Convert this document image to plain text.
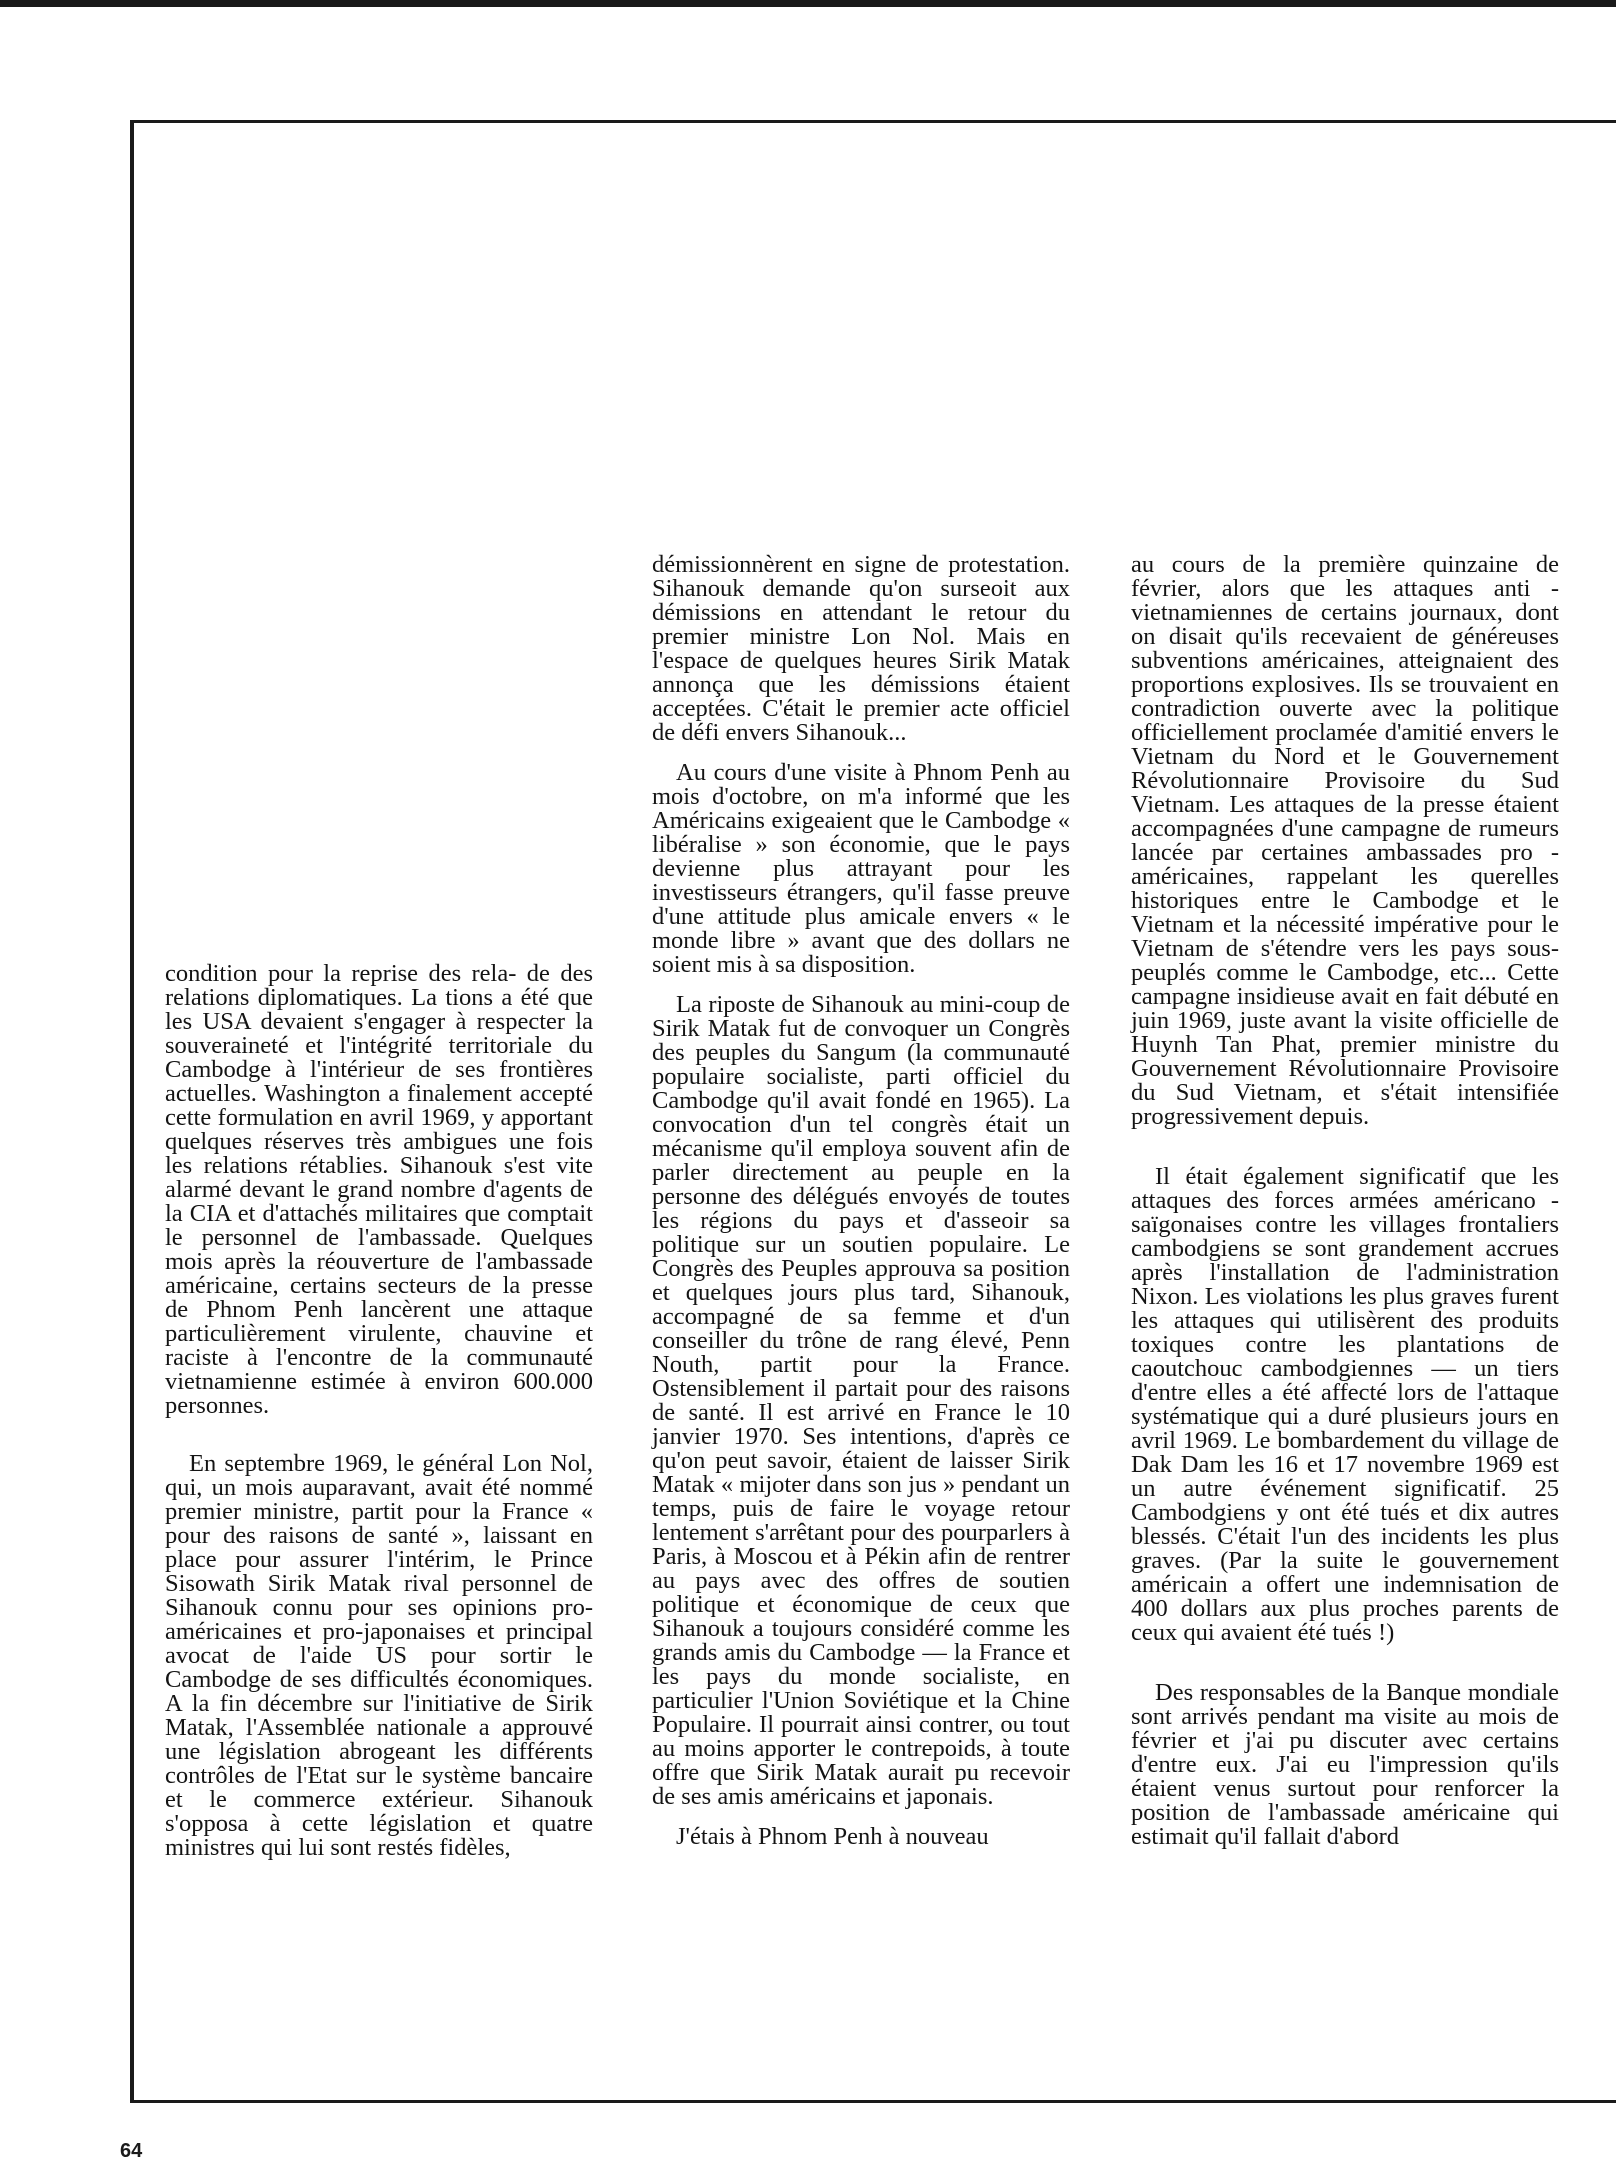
condition pour la reprise des rela- de des relations diplomatiques. La tions a été que les USA devaient s'engager à respecter la souveraineté et l'intégrité territoriale du Cambodge à l'intérieur de ses frontières actuelles. Washington a finalement accepté cette formulation en avril 1969, y apportant quelques réserves très ambigues une fois les relations rétablies. Sihanouk s'est vite alarmé devant le grand nombre d'agents de la CIA et d'attachés militaires que comptait le personnel de l'ambassade. Quelques mois après la réouverture de l'ambassade américaine, certains secteurs de la presse de Phnom Penh lancèrent une attaque particulièrement virulente, chauvine et raciste à l'encontre de la communauté vietnamienne estimée à environ 600.000 personnes.

En septembre 1969, le général Lon Nol, qui, un mois auparavant, avait été nommé premier ministre, partit pour la France « pour des raisons de santé », laissant en place pour assurer l'intérim, le Prince Sisowath Sirik Matak rival personnel de Sihanouk connu pour ses opinions pro-américaines et pro-japonaises et principal avocat de l'aide US pour sortir le Cambodge de ses difficultés économiques. A la fin décembre sur l'initiative de Sirik Matak, l'Assemblée nationale a approuvé une législation abrogeant les différents contrôles de l'Etat sur le système bancaire et le commerce extérieur. Sihanouk s'opposa à cette législation et quatre ministres qui lui sont restés fidèles,

démissionnèrent en signe de protestation. Sihanouk demande qu'on surseoit aux démissions en attendant le retour du premier ministre Lon Nol. Mais en l'espace de quelques heures Sirik Matak annonça que les démissions étaient acceptées. C'était le premier acte officiel de défi envers Sihanouk...

Au cours d'une visite à Phnom Penh au mois d'octobre, on m'a informé que les Américains exigeaient que le Cambodge « libéralise » son économie, que le pays devienne plus attrayant pour les investisseurs étrangers, qu'il fasse preuve d'une attitude plus amicale envers « le monde libre » avant que des dollars ne soient mis à sa disposition.

La riposte de Sihanouk au mini-coup de Sirik Matak fut de convoquer un Congrès des peuples du Sangum (la communauté populaire socialiste, parti officiel du Cambodge qu'il avait fondé en 1965). La convocation d'un tel congrès était un mécanisme qu'il employa souvent afin de parler directement au peuple en la personne des délégués envoyés de toutes les régions du pays et d'asseoir sa politique sur un soutien populaire. Le Congrès des Peuples approuva sa position et quelques jours plus tard, Sihanouk, accompagné de sa femme et d'un conseiller du trône de rang élevé, Penn Nouth, partit pour la France. Ostensiblement il partait pour des raisons de santé. Il est arrivé en France le 10 janvier 1970. Ses intentions, d'après ce qu'on peut savoir, étaient de laisser Sirik Matak « mijoter dans son jus » pendant un temps, puis de faire le voyage retour lentement s'arrêtant pour des pourparlers à Paris, à Moscou et à Pékin afin de rentrer au pays avec des offres de soutien politique et économique de ceux que Sihanouk a toujours considéré comme les grands amis du Cambodge — la France et les pays du monde socialiste, en particulier l'Union Soviétique et la Chine Populaire. Il pourrait ainsi contrer, ou tout au moins apporter le contrepoids, à toute offre que Sirik Matak aurait pu recevoir de ses amis américains et japonais.

J'étais à Phnom Penh à nouveau

au cours de la première quinzaine de février, alors que les attaques anti - vietnamiennes de certains journaux, dont on disait qu'ils recevaient de généreuses subventions américaines, atteignaient des proportions explosives. Ils se trouvaient en contradiction ouverte avec la politique officiellement proclamée d'amitié envers le Vietnam du Nord et le Gouvernement Révolutionnaire Provisoire du Sud Vietnam. Les attaques de la presse étaient accompagnées d'une campagne de rumeurs lancée par certaines ambassades pro - américaines, rappelant les querelles historiques entre le Cambodge et le Vietnam et la nécessité impérative pour le Vietnam de s'étendre vers les pays sous-peuplés comme le Cambodge, etc... Cette campagne insidieuse avait en fait débuté en juin 1969, juste avant la visite officielle de Huynh Tan Phat, premier ministre du Gouvernement Révolutionnaire Provisoire du Sud Vietnam, et s'était intensifiée progressivement depuis.

Il était également significatif que les attaques des forces armées américano - saïgonaises contre les villages frontaliers cambodgiens se sont grandement accrues après l'installation de l'administration Nixon. Les violations les plus graves furent les attaques qui utilisèrent des produits toxiques contre les plantations de caoutchouc cambodgiennes — un tiers d'entre elles a été affecté lors de l'attaque systématique qui a duré plusieurs jours en avril 1969. Le bombardement du village de Dak Dam les 16 et 17 novembre 1969 est un autre événement significatif. 25 Cambodgiens y ont été tués et dix autres blessés. C'était l'un des incidents les plus graves. (Par la suite le gouvernement américain a offert une indemnisation de 400 dollars aux plus proches parents de ceux qui avaient été tués !)

Des responsables de la Banque mondiale sont arrivés pendant ma visite au mois de février et j'ai pu discuter avec certains d'entre eux. J'ai eu l'impression qu'ils étaient venus surtout pour renforcer la position de l'ambassade américaine qui estimait qu'il fallait d'abord

64
